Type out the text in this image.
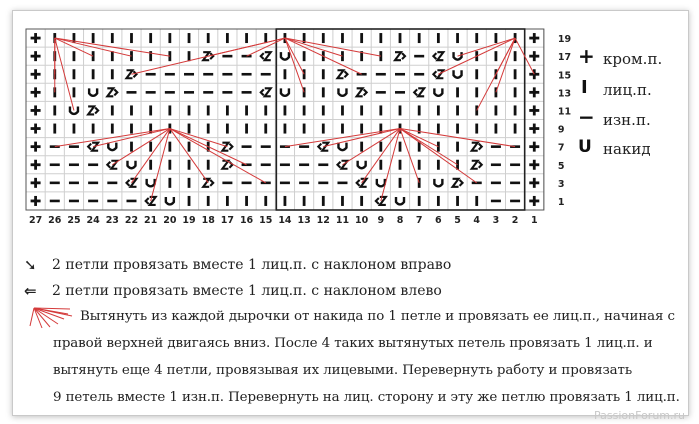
27 26 25 24 23 22 21 20 19 18 17 16 15 14 13 12 11 10 9 8 7 6 5 4 3 2 1
19
17
15
13
11
9
7
5
3
1
+ кром.п.
I лиц.п.
− изн.п.
U накид
➘ 2 петли провязать вместе 1 лиц.п. с наклоном вправо
⇐ 2 петли провязать вместе 1 лиц.п. с наклоном влево
Вытянуть из каждой дырочки от накида по 1 петле и провязать ее лиц.п., начиная с
правой верхней двигаясь вниз. После 4 таких вытянутых петель провязать 1 лиц.п. и
вытянуть еще 4 петли, провязывая их лицевыми. Перевернуть работу и провязать
9 петель вместе 1 изн.п. Перевернуть на лиц. сторону и эту же петлю провязать 1 лиц.п.
PassionForum.ru
